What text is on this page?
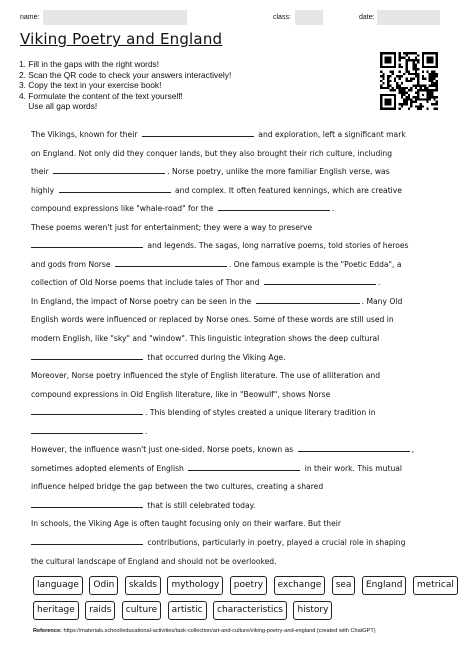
name:	class:	date:
Viking Poetry and England
1. Fill in the gaps with the right words!
2. Scan the QR code to check your answers interactively!
3. Copy the text in your exercise book!
4. Formulate the content of the text yourself!
Use all gap words!
The Vikings, known for their	and exploration, left a significant mark
on England. Not only did they conquer lands, but they also brought their rich culture, including
their	. Norse poetry, unlike the more familiar English verse, was
highly	and complex. It often featured kennings, which are creative
compound expressions like "whale-road" for the	.
These poems weren't just for entertainment; they were a way to preserve
and legends. The sagas, long narrative poems, told stories of heroes
and gods from Norse	. One famous example is the "Poetic Edda", a
collection of Old Norse poems that include tales of Thor and	.
In England, the impact of Norse poetry can be seen in the	. Many Old
English words were influenced or replaced by Norse ones. Some of these words are still used in
modern English, like "sky" and "window". This linguistic integration shows the deep cultural
that occurred during the Viking Age.
Moreover, Norse poetry influenced the style of English literature. The use of alliteration and
compound expressions in Old English literature, like in "Beowulf", shows Norse
. This blending of styles created a unique literary tradition in
.
However, the influence wasn't just one-sided. Norse poets, known as	,
sometimes adopted elements of English	in their work. This mutual
influence helped bridge the gap between the two cultures, creating a shared
that is still celebrated today.
In schools, the Viking Age is often taught focusing only on their warfare. But their
contributions, particularly in poetry, played a crucial role in shaping
the cultural landscape of England and should not be overlooked.
language Odin skalds mythology poetry exchange sea England metrical
heritage raids culture artistic characteristics history
Reference: https://materials.school/educational-activities/task-collection/art-and-culture/viking-poetry-and-england (created with ChatGPT)
